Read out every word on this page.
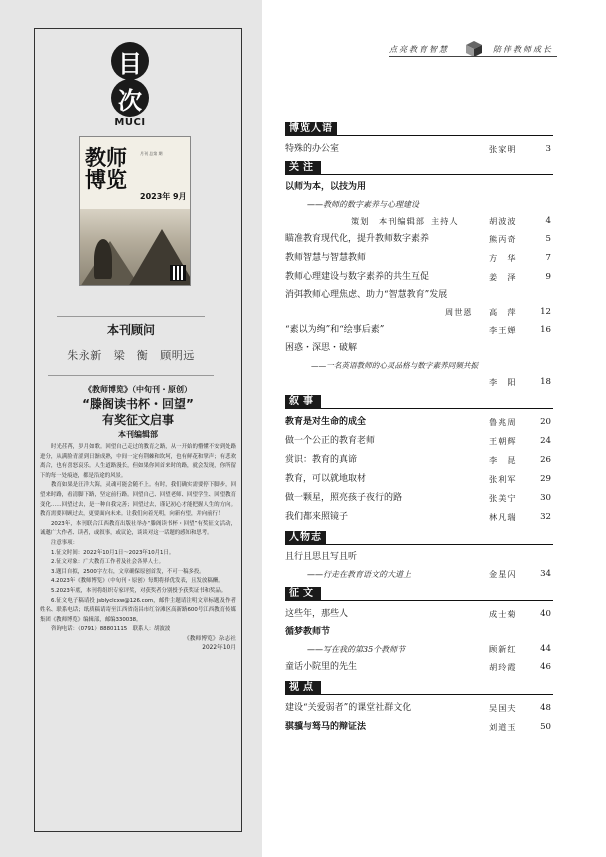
目
次
MUCI
教师博览
月刊 总第 期
2023年 9月
本刊顾问
朱永新 梁　衡 顾明远
《教师博览》（中旬刊・原创）
“滕阁读书杯・回望”
有奖征文启事
本刊编辑部

时光荏苒，岁月如歌。回望自己走过的教育之路，从一开始的懵懂不安到处路进分，从满脸青涩到日渐成熟，中间一定有荆棘和坎坷，也有鲜花和掌声；有悲欢离合，也有喜怒哀乐。人生道路漫长，但如果你回首来时的路，就会发现，你所留下的每一处痕迹，都是沿途的风景。

教育如果是汪洋大海，灵魂可能会随不上。有时，我们确实需要停下脚步，回望来时路，看清脚下路，坚定前行路。回望自己、回望老师、回望学生、回望教育变化……回望过去，是一种自我完善；回望过去，谨记初心才能把握人生的方向。教育需要回顾过去，更要面向未来。让我们向着光明，向新有望，并向前行！

2023年，本刊联合江西教育出版社举办“滕阁读书杯・回望”有奖征文活动，诚邀广大作者、读者，或叙事，或议论，谈谈对这一话题的感知和思考。

注意事项：

1.征文时间：2022年10月1日～2023年10月1日。

2.征文对象：广大教育工作者及社会各界人士。

3.题目自拟，2500字左右，文章确保原创首发，不可一稿多投。

4.2023年《教师博览》（中旬刊・原创）每期将择优发表，且发放稿酬。

5.2023年底，本刊将组织专家评奖，对获奖者分别授予获奖证书和奖品。

6.征文电子稿请投 jsblyclcxw@126.com，邮件主题请注明文章标题及作者姓名、联系电话；纸质稿请寄至江西省南昌市红谷滩区高新路600号江西教育传媒集团《教师博览》编辑部，邮编330038。

咨询电话：（0791）88801115　联系人：胡波波

《教师博览》杂志社
2022年10月
点亮教育智慧	陪伴教师成长
博览人语
特殊的办公室	张家明	3
关注
以师为本，以技为用
——教师的数字素养与心理建设
策划 本刊编辑部 主持人	胡波波	4
瞄准教育现代化，提升教师数字素养	熊丙奇	5
教师智慧与智慧教师	方　华	7
教师心理建设与数字素养的共生互促	姜　泽	9
消弭教师心理焦虑、助力“智慧教育”发展
周世恩 高　萍	12
“素以为绚”和“绘事后素”	李王婵	16
困惑・深思・破解
——一名英语教师的心灵品格与数字素养同频共振
李　阳	18
叙事
教育是对生命的成全	鲁兆周	20
做一个公正的教育老师	王朝辉	24
赏识：教育的真谛	李　昆	26
教育，可以就地取材	张利军	29
做一颗星，照亮孩子夜行的路	张美宁	30
我们都来照镜子	林凡瑞	32
人物志
且行且思且写且听
——行走在教育语文的大道上	金星闪	34
征文
这些年，那些人	成士菊	40
循梦教师节
——写在我的第35个教师节	顾新红	44
童话小院里的先生	胡玲霞	46
视点
建设“关爱弱者”的课堂社群文化	吴国夫	48
骐骥与驽马的辩证法	刘道玉	50
